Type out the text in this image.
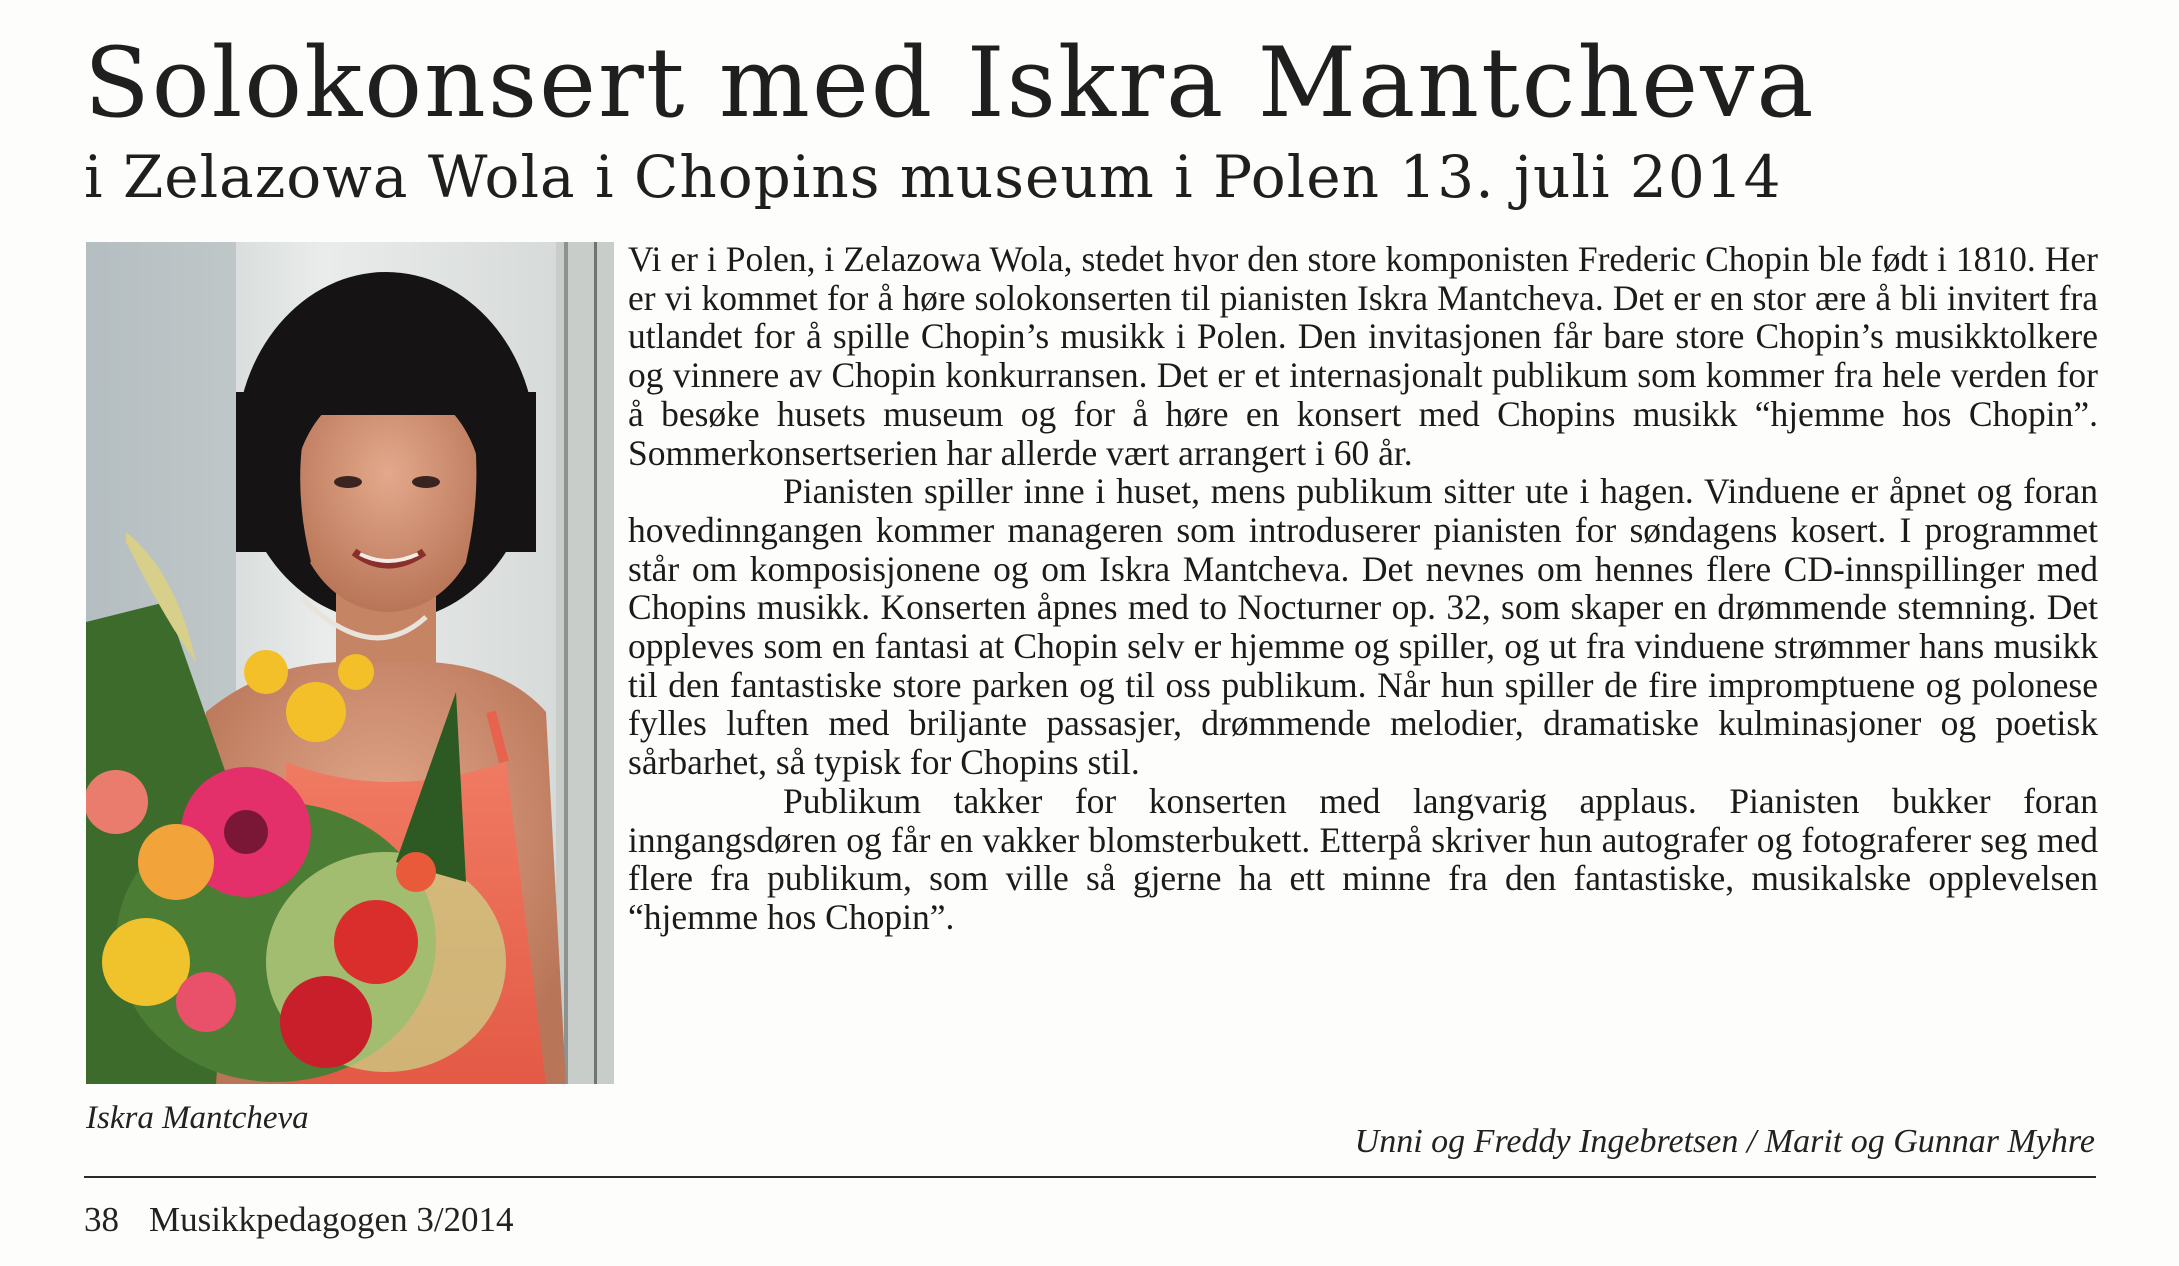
Solokonsert med Iskra Mantcheva
i Zelazowa Wola i Chopins museum i Polen 13. juli 2014
Iskra Mantcheva

Vi er i Polen, i Zelazowa Wola, stedet hvor den store komponisten Frederic Chopin ble født i 1810. Her er vi kommet for å høre solokonserten til pianisten Iskra Mantcheva. Det er en stor ære å bli invitert fra utlandet for å spille Chopin’s musikk i Polen. Den invitasjonen får bare store Chopin’s musikktolkere og vinnere av Chopin konkurransen. Det er et internasjonalt publikum som kommer fra hele verden for å besøke husets museum og for å høre en konsert med Chopins musikk “hjemme hos Chopin”. Sommerkonsertserien har allerde vært arrangert i 60 år.

Pianisten spiller inne i huset, mens publikum sitter ute i hagen. Vinduene er åpnet og foran hovedinngangen kommer manageren som introduserer pianisten for søndagens kosert. I programmet står om komposisjonene og om Iskra Mantcheva. Det nevnes om hennes flere CD-innspillinger med Chopins musikk. Konserten åpnes med to Nocturner op. 32, som skaper en drømmende stemning. Det oppleves som en fantasi at Chopin selv er hjemme og spiller, og ut fra vinduene strømmer hans musikk til den fantastiske store parken og til oss publikum. Når hun spiller de fire impromptuene og polonese fylles luften med briljante passasjer, drømmende melodier, dramatiske kulminasjoner og poetisk sårbarhet, så typisk for Chopins stil.

Publikum takker for konserten med langvarig applaus. Pianisten bukker foran inngangsdøren og får en vakker blomsterbukett. Etterpå skriver hun autografer og fotograferer seg med flere fra publikum, som ville så gjerne ha ett minne fra den fantastiske, musikalske opplevelsen “hjemme hos Chopin”.

Unni og Freddy Ingebretsen / Marit og Gunnar Myhre
38 Musikkpedagogen 3/2014
